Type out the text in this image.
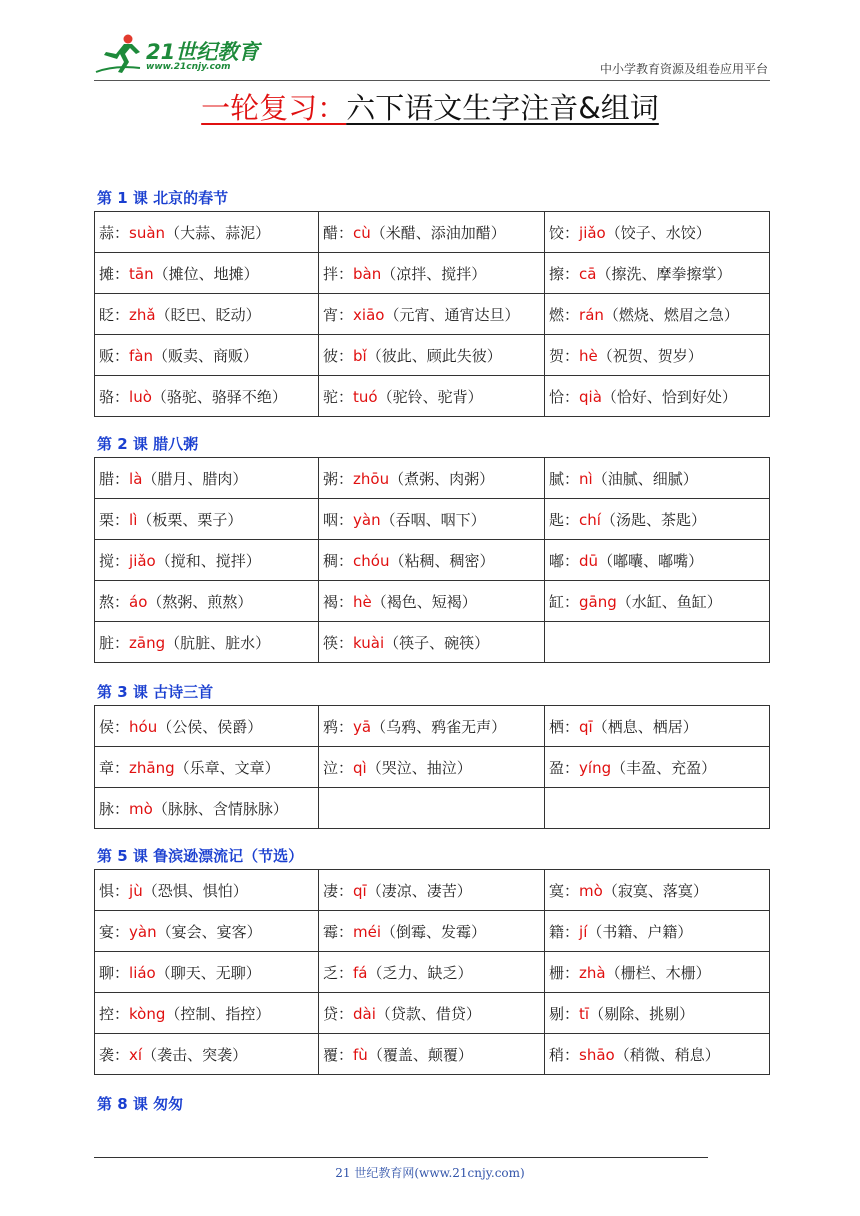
21世纪教育
www.21cnjy.com	中小学教育资源及组卷应用平台
一轮复习：六下语文生字注音&组词
第 1 课 北京的春节
蒜：suàn（大蒜、蒜泥）	醋：cù（米醋、添油加醋）	饺：jiǎo（饺子、水饺）
摊：tān（摊位、地摊）	拌：bàn（凉拌、搅拌）	擦：cā（擦洗、摩拳擦掌）
眨：zhǎ（眨巴、眨动）	宵：xiāo（元宵、通宵达旦）	燃：rán（燃烧、燃眉之急）
贩：fàn（贩卖、商贩）	彼：bǐ（彼此、顾此失彼）	贺：hè（祝贺、贺岁）
骆：luò（骆驼、骆驿不绝）	驼：tuó（驼铃、驼背）	恰：qià（恰好、恰到好处）
第 2 课 腊八粥
腊：là（腊月、腊肉）	粥：zhōu（煮粥、肉粥）	腻：nì（油腻、细腻）
栗：lì（板栗、栗子）	咽：yàn（吞咽、咽下）	匙：chí（汤匙、茶匙）
搅：jiǎo（搅和、搅拌）	稠：chóu（粘稠、稠密）	嘟：dū（嘟囔、嘟嘴）
熬：áo（熬粥、煎熬）	褐：hè（褐色、短褐）	缸：gāng（水缸、鱼缸）
脏：zāng（肮脏、脏水）	筷：kuài（筷子、碗筷）	
第 3 课 古诗三首
侯：hóu（公侯、侯爵）	鸦：yā（乌鸦、鸦雀无声）	栖：qī（栖息、栖居）
章：zhāng（乐章、文章）	泣：qì（哭泣、抽泣）	盈：yíng（丰盈、充盈）
脉：mò（脉脉、含情脉脉）		
第 5 课 鲁滨逊漂流记（节选）
惧：jù（恐惧、惧怕）	凄：qī（凄凉、凄苦）	寞：mò（寂寞、落寞）
宴：yàn（宴会、宴客）	霉：méi（倒霉、发霉）	籍：jí（书籍、户籍）
聊：liáo（聊天、无聊）	乏：fá（乏力、缺乏）	栅：zhà（栅栏、木栅）
控：kòng（控制、指控）	贷：dài（贷款、借贷）	剔：tī（剔除、挑剔）
袭：xí（袭击、突袭）	覆：fù（覆盖、颠覆）	稍：shāo（稍微、稍息）
第 8 课 匆匆
21 世纪教育网(www.21cnjy.com)
